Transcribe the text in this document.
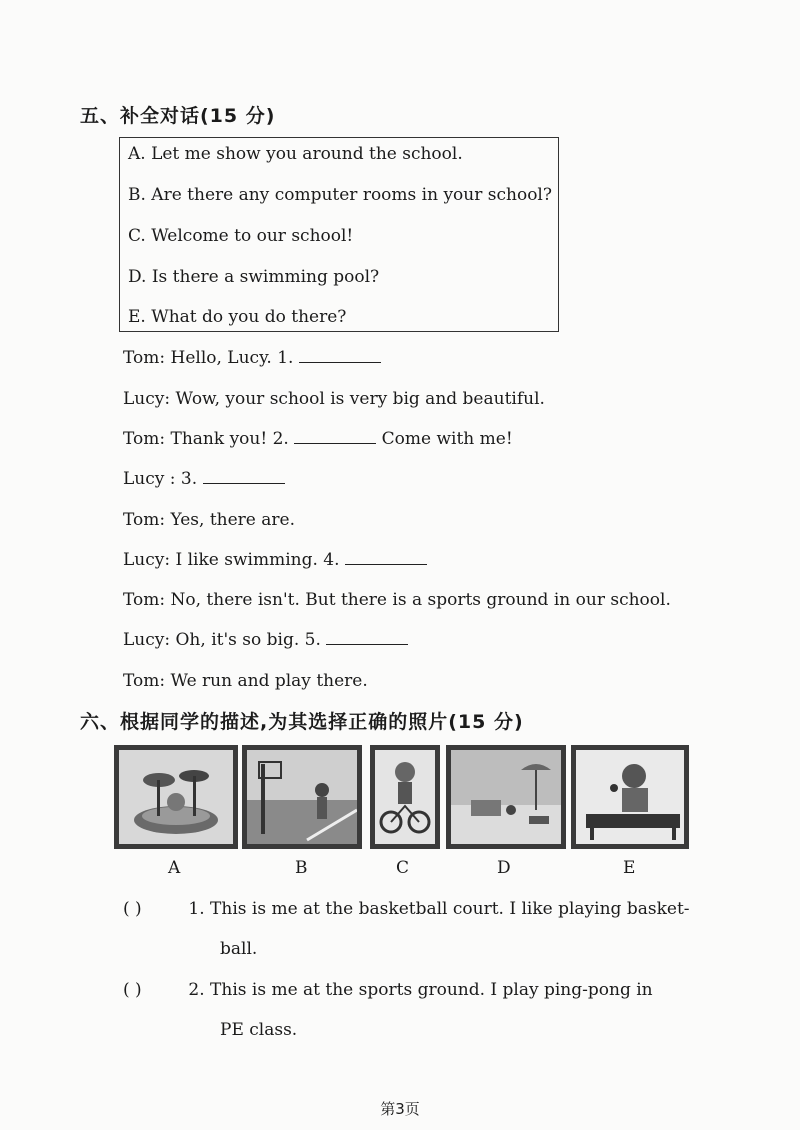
五、补全对话(15 分)
A. Let me show you around the school.
B. Are there any computer rooms in your school?
C. Welcome to our school!
D. Is there a swimming pool?
E. What do you do there?
Tom: Hello, Lucy. 1.
Lucy: Wow, your school is very big and beautiful.
Tom: Thank you! 2.	Come with me!
Lucy : 3.
Tom: Yes, there are.
Lucy: I like swimming. 4.
Tom: No, there isn't. But there is a sports ground in our school.
Lucy: Oh, it's so big. 5.
Tom: We run and play there.
六、根据同学的描述,为其选择正确的照片(15 分)
A	B	C	D	E
( )	1. This is me at the basketball court. I like playing basket-
ball.
( )	2. This is me at the sports ground. I play ping-pong in
PE class.
第3页
